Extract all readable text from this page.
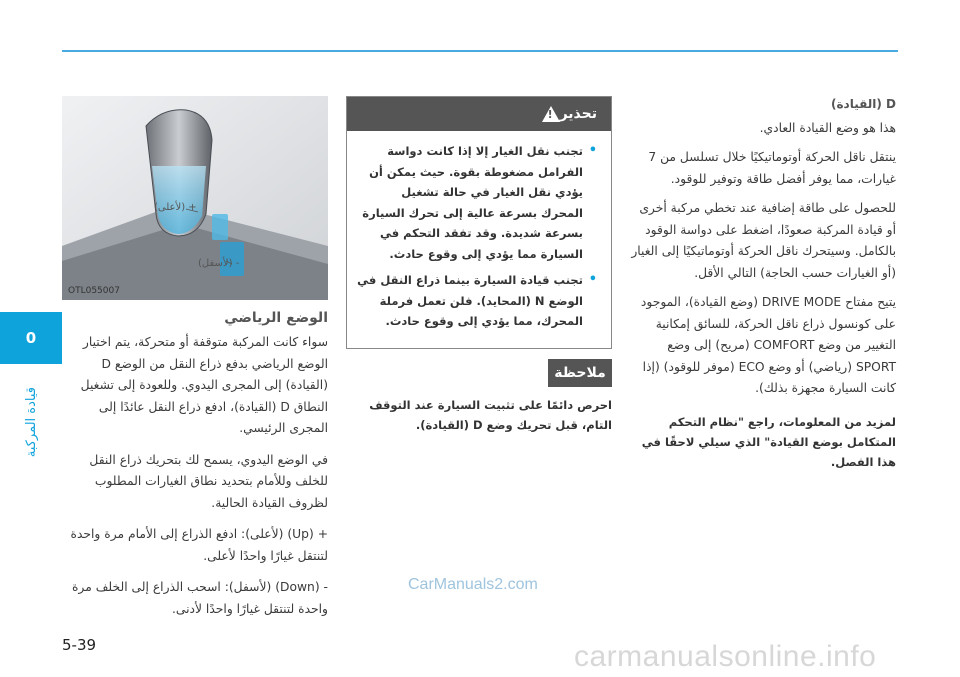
0
قيادة المركبة
D (القيادة)

هذا هو وضع القيادة العادي.

ينتقل ناقل الحركة أوتوماتيكيًا خلال تسلسل من 7 غيارات، مما يوفر أفضل طاقة وتوفير للوقود.

للحصول على طاقة إضافية عند تخطي مركبة أخرى أو قيادة المركبة صعودًا، اضغط على دواسة الوقود بالكامل. وسيتحرك ناقل الحركة أوتوماتيكيًا إلى الغيار (أو الغيارات حسب الحاجة) التالي الأقل.

يتيح مفتاح DRIVE MODE (وضع القيادة)، الموجود على كونسول ذراع ناقل الحركة، للسائق إمكانية التغيير من وضع COMFORT (مريح) إلى وضع SPORT (رياضي) أو وضع ECO (موفر للوقود) (إذا كانت السيارة مجهزة بذلك).

لمزيد من المعلومات، راجع "نظام التحكم المتكامل بوضع القيادة" الذي سيلي لاحقًا في هذا الفصل.
تحذير
!
• تجنب نقل الغيار إلا إذا كانت دواسة الفرامل مضغوطة بقوة. حيث يمكن أن يؤدي نقل الغيار في حالة تشغيل المحرك بسرعة عالية إلى تحرك السيارة بسرعة شديدة. وقد تفقد التحكم في السيارة مما يؤدي إلى وقوع حادث.
• تجنب قيادة السيارة بينما ذراع النقل في الوضع N (المحايد). فلن تعمل فرملة المحرك، مما يؤدي إلى وقوع حادث.
ملاحظة
احرص دائمًا على تثبيت السيارة عند التوقف التام، قبل تحريك وضع D (القيادة).
+ (لأعلى)
- (لأسفل)
OTL055007
الوضع الرياضي

سواء كانت المركبة متوقفة أو متحركة، يتم اختيار الوضع الرياضي بدفع ذراع النقل من الوضع D (القيادة) إلى المجرى اليدوي. وللعودة إلى تشغيل النطاق D (القيادة)، ادفع ذراع النقل عائدًا إلى المجرى الرئيسي.

في الوضع اليدوي، يسمح لك بتحريك ذراع النقل للخلف وللأمام بتحديد نطاق الغيارات المطلوب لظروف القيادة الحالية.

+ (Up) (لأعلى): ادفع الذراع إلى الأمام مرة واحدة لتنتقل غيارًا واحدًا لأعلى.

- (Down) (لأسفل): اسحب الذراع إلى الخلف مرة واحدة لتنتقل غيارًا واحدًا لأدنى.

5-39
CarManuals2.com
carmanualsonline.info
